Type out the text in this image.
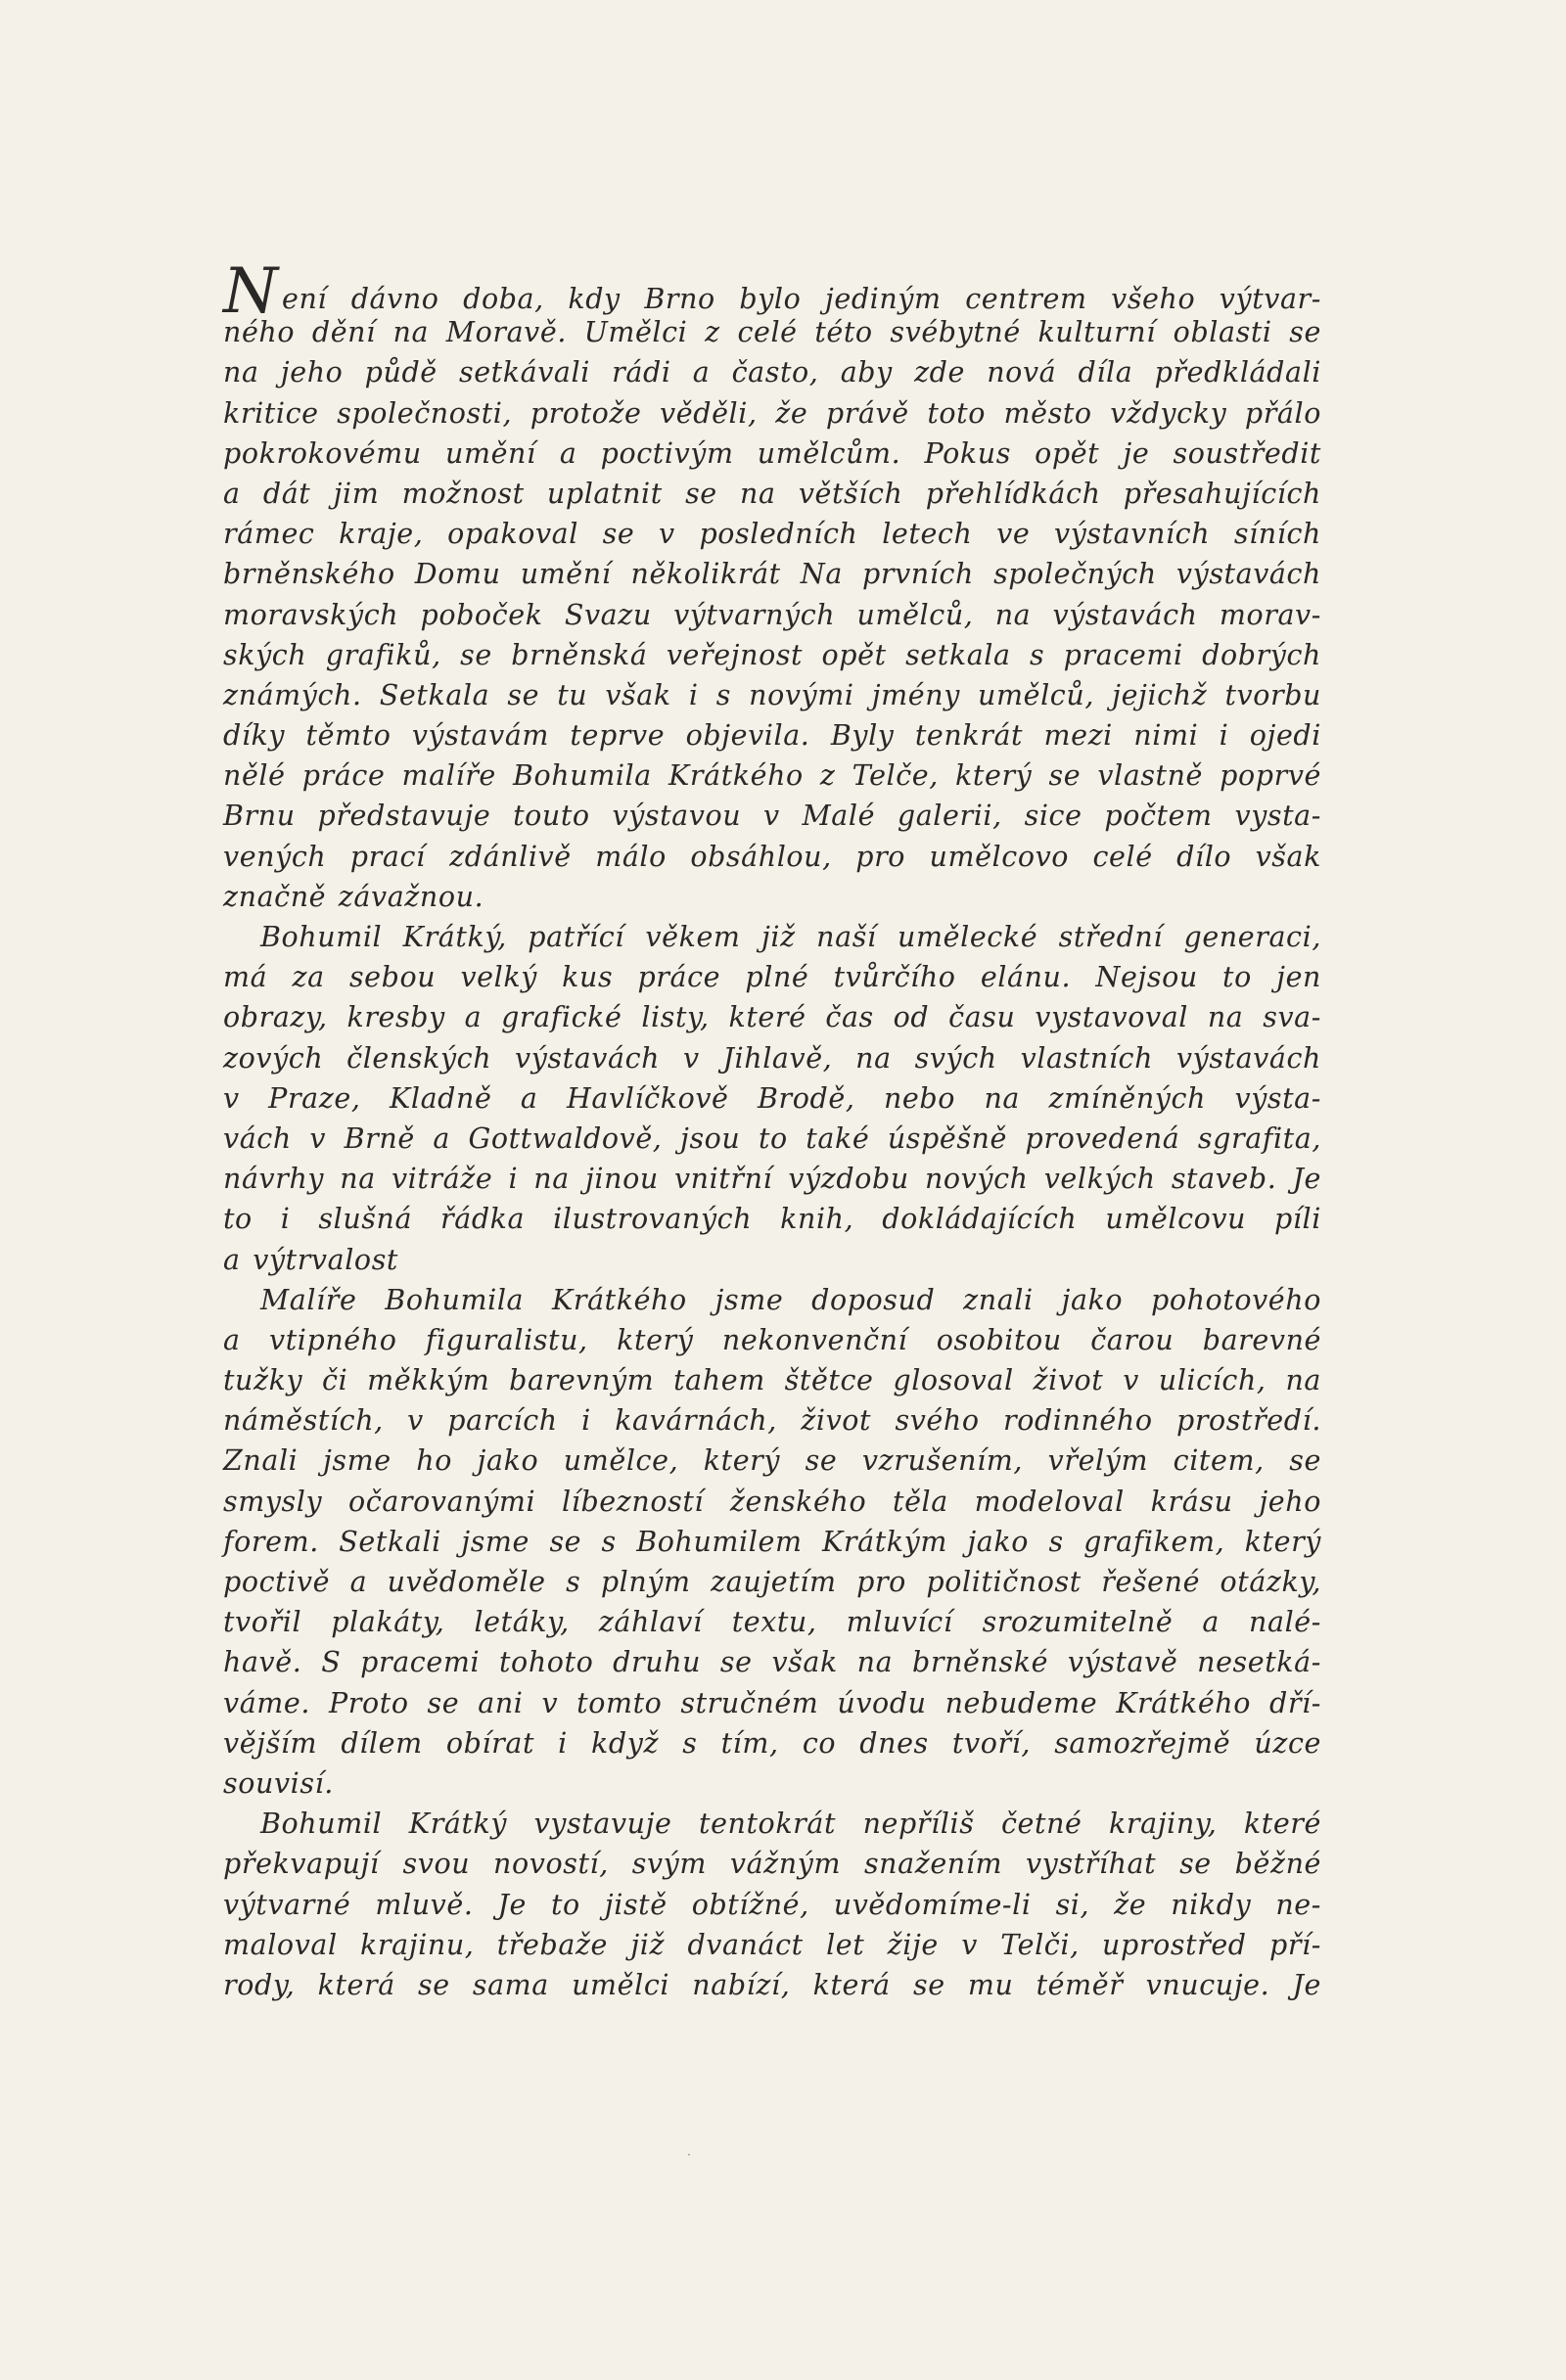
Není dávno doba, kdy Brno bylo jediným centrem všeho výtvar-
ného dění na Moravě. Umělci z celé této svébytné kulturní oblasti se
na jeho půdě setkávali rádi a často, aby zde nová díla předkládali
kritice společnosti, protože věděli, že právě toto město vždycky přálo
pokrokovému umění a poctivým umělcům. Pokus opět je soustředit
a dát jim možnost uplatnit se na větších přehlídkách přesahujících
rámec kraje, opakoval se v posledních letech ve výstavních síních
brněnského Domu umění několikrát Na prvních společných výstavách
moravských poboček Svazu výtvarných umělců, na výstavách morav-
ských grafiků, se brněnská veřejnost opět setkala s pracemi dobrých
známých. Setkala se tu však i s novými jmény umělců, jejichž tvorbu
díky těmto výstavám teprve objevila. Byly tenkrát mezi nimi i ojedi
nělé práce malíře Bohumila Krátkého z Telče, který se vlastně poprvé
Brnu představuje touto výstavou v Malé galerii, sice počtem vysta-
vených prací zdánlivě málo obsáhlou, pro umělcovo celé dílo však
značně závažnou.
Bohumil Krátký, patřící věkem již naší umělecké střední generaci,
má za sebou velký kus práce plné tvůrčího elánu. Nejsou to jen
obrazy, kresby a grafické listy, které čas od času vystavoval na sva-
zových členských výstavách v Jihlavě, na svých vlastních výstavách
v Praze, Kladně a Havlíčkově Brodě, nebo na zmíněných výsta-
vách v Brně a Gottwaldově, jsou to také úspěšně provedená sgrafita,
návrhy na vitráže i na jinou vnitřní výzdobu nových velkých staveb. Je
to i slušná řádka ilustrovaných knih, dokládajících umělcovu píli
a výtrvalost
Malíře Bohumila Krátkého jsme doposud znali jako pohotového
a vtipného figuralistu, který nekonvenční osobitou čarou barevné
tužky či měkkým barevným tahem štětce glosoval život v ulicích, na
náměstích, v parcích i kavárnách, život svého rodinného prostředí.
Znali jsme ho jako umělce, který se vzrušením, vřelým citem, se
smysly očarovanými líbezností ženského těla modeloval krásu jeho
forem. Setkali jsme se s Bohumilem Krátkým jako s grafikem, který
poctivě a uvědoměle s plným zaujetím pro političnost řešené otázky,
tvořil plakáty, letáky, záhlaví textu, mluvící srozumitelně a nalé-
havě. S pracemi tohoto druhu se však na brněnské výstavě nesetká-
váme. Proto se ani v tomto stručném úvodu nebudeme Krátkého dří-
vějším dílem obírat i když s tím, co dnes tvoří, samozřejmě úzce
souvisí.
Bohumil Krátký vystavuje tentokrát nepříliš četné krajiny, které
překvapují svou novostí, svým vážným snažením vystříhat se běžné
výtvarné mluvě. Je to jistě obtížné, uvědomíme-li si, že nikdy ne-
maloval krajinu, třebaže již dvanáct let žije v Telči, uprostřed pří-
rody, která se sama umělci nabízí, která se mu téměř vnucuje. Je
˙
